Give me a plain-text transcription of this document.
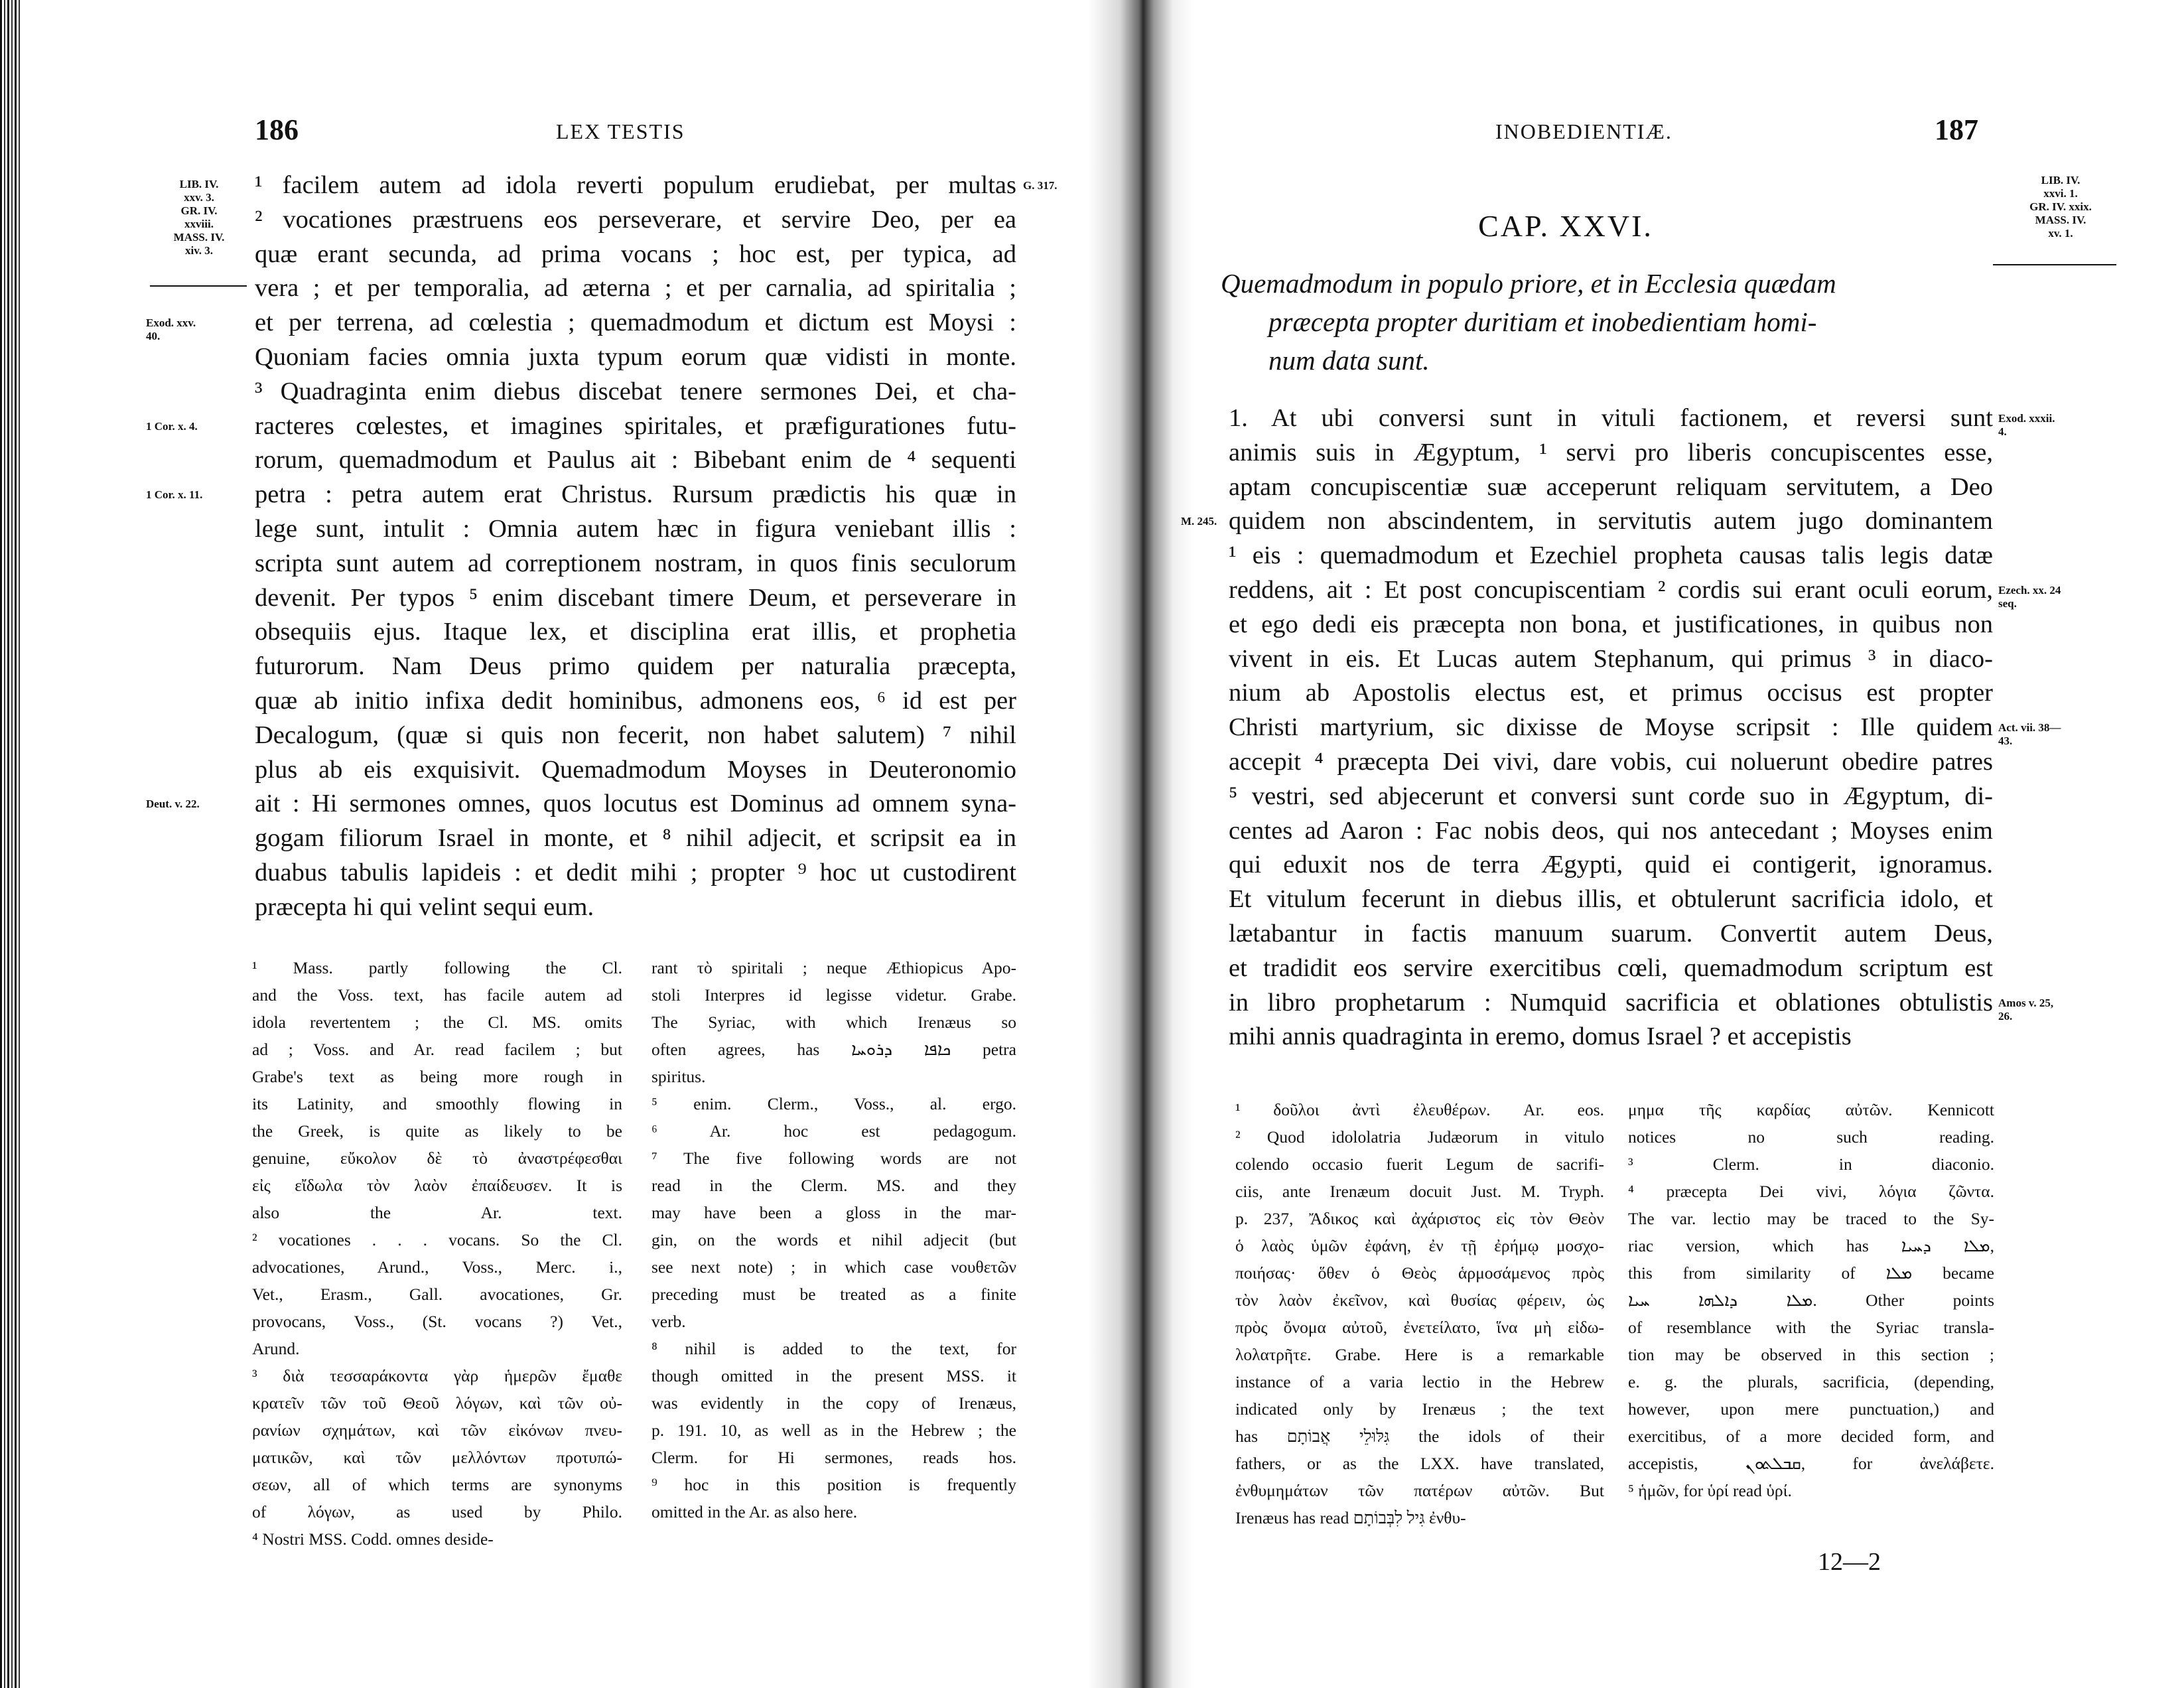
186	LEX TESTIS
LIB. IV.
xxv. 3.
GR. IV.
xxviii.
MASS. IV.
xiv. 3.
¹ facilem autem ad idola reverti populum erudiebat, per multas
² vocationes præstruens eos perseverare, et servire Deo, per ea
quæ erant secunda, ad prima vocans ; hoc est, per typica, ad
vera ; et per temporalia, ad æterna ; et per carnalia, ad spiritalia ;
et per terrena, ad cœlestia ; quemadmodum et dictum est Moysi :
Quoniam facies omnia juxta typum eorum quæ vidisti in monte.
³ Quadraginta enim diebus discebat tenere sermones Dei, et cha-
racteres cœlestes, et imagines spiritales, et præfigurationes futu-
rorum, quemadmodum et Paulus ait : Bibebant enim de ⁴ sequenti
petra : petra autem erat Christus. Rursum prædictis his quæ in
lege sunt, intulit : Omnia autem hæc in figura veniebant illis :
scripta sunt autem ad correptionem nostram, in quos finis seculorum
devenit. Per typos ⁵ enim discebant timere Deum, et perseverare in
obsequiis ejus. Itaque lex, et disciplina erat illis, et prophetia
futurorum. Nam Deus primo quidem per naturalia præcepta,
quæ ab initio infixa dedit hominibus, admonens eos, ⁶ id est per
Decalogum, (quæ si quis non fecerit, non habet salutem) ⁷ nihil
plus ab eis exquisivit. Quemadmodum Moyses in Deuteronomio
ait : Hi sermones omnes, quos locutus est Dominus ad omnem syna-
gogam filiorum Israel in monte, et ⁸ nihil adjecit, et scripsit ea in
duabus tabulis lapideis : et dedit mihi ; propter ⁹ hoc ut custodirent
præcepta hi qui velint sequi eum.
¹ Mass. partly following the Cl.
and the Voss. text, has facile autem ad
idola revertentem ; the Cl. MS. omits
ad ; Voss. and Ar. read facilem ; but
Grabe's text as being more rough in
its Latinity, and smoothly flowing in
the Greek, is quite as likely to be
genuine, εὔκολον δὲ τὸ ἀναστρέφεσθαι
εἰς εἴδωλα τὸν λαὸν ἐπαίδευσεν. It is
also the Ar. text.
² vocationes . . . vocans. So the Cl.
advocationes, Arund., Voss., Merc. i.,
Vet., Erasm., Gall. avocationes, Gr.
provocans, Voss., (St. vocans ?) Vet.,
Arund.
³ διὰ τεσσαράκοντα γὰρ ἡμερῶν ἔμαθε
κρατεῖν τῶν τοῦ Θεοῦ λόγων, καὶ τῶν οὐ-
ρανίων σχημάτων, καὶ τῶν εἰκόνων πνευ-
ματικῶν, καὶ τῶν μελλόντων προτυπώ-
σεων, all of which terms are synonyms
of λόγων, as used by Philo.
⁴ Nostri MSS. Codd. omnes deside-
rant τὸ spiritali ; neque Æthiopicus Apo-
stoli Interpres id legisse videtur. Grabe.
The Syriac, with which Irenæus so
often agrees, has ܟܐܦܐ ܕܪܘܚܐ petra
spiritus.
⁵ enim. Clerm., Voss., al. ergo.
⁶ Ar. hoc est pedagogum.
⁷ The five following words are not
read in the Clerm. MS. and they
may have been a gloss in the mar-
gin, on the words et nihil adjecit (but
see next note) ; in which case νουθετῶν
preceding must be treated as a finite
verb.
⁸ nihil is added to the text, for
though omitted in the present MSS. it
was evidently in the copy of Irenæus,
p. 191. 10, as well as in the Hebrew ; the
Clerm. for Hi sermones, reads hos.
⁹ hoc in this position is frequently
omitted in the Ar. as also here.
Exod. xxv.
40.
1 Cor. x. 4.
1 Cor. x. 11.
Deut. v. 22.
G. 317.
INOBEDIENTIÆ.	187
LIB. IV.
xxvi. 1.
GR. IV. xxix.
MASS. IV.
xv. 1.
CAP. XXVI.
Quemadmodum in populo priore, et in Ecclesia quædam
præcepta propter duritiam et inobedientiam homi-
num data sunt.
1. At ubi conversi sunt in vituli factionem, et reversi sunt
animis suis in Ægyptum, ¹ servi pro liberis concupiscentes esse,
aptam concupiscentiæ suæ acceperunt reliquam servitutem, a Deo
quidem non abscindentem, in servitutis autem jugo dominantem
¹ eis : quemadmodum et Ezechiel propheta causas talis legis datæ
reddens, ait : Et post concupiscentiam ² cordis sui erant oculi eorum,
et ego dedi eis præcepta non bona, et justificationes, in quibus non
vivent in eis. Et Lucas autem Stephanum, qui primus ³ in diaco-
nium ab Apostolis electus est, et primus occisus est propter
Christi martyrium, sic dixisse de Moyse scripsit : Ille quidem
accepit ⁴ præcepta Dei vivi, dare vobis, cui noluerunt obedire patres
⁵ vestri, sed abjecerunt et conversi sunt corde suo in Ægyptum, di-
centes ad Aaron : Fac nobis deos, qui nos antecedant ; Moyses enim
qui eduxit nos de terra Ægypti, quid ei contigerit, ignoramus.
Et vitulum fecerunt in diebus illis, et obtulerunt sacrificia idolo, et
lætabantur in factis manuum suarum. Convertit autem Deus,
et tradidit eos servire exercitibus cœli, quemadmodum scriptum est
in libro prophetarum : Numquid sacrificia et oblationes obtulistis
mihi annis quadraginta in eremo, domus Israel ? et accepistis
¹ δοῦλοι ἀντὶ ἐλευθέρων. Ar. eos.
² Quod idololatria Judæorum in vitulo
colendo occasio fuerit Legum de sacrifi-
ciis, ante Irenæum docuit Just. M. Tryph.
p. 237, Ἄδικος καὶ ἀχάριστος εἰς τὸν Θεὸν
ὁ λαὸς ὑμῶν ἐφάνη, ἐν τῇ ἐρήμῳ μοσχο-
ποιήσας· ὅθεν ὁ Θεὸς ἁρμοσάμενος πρὸς
τὸν λαὸν ἐκεῖνον, καὶ θυσίας φέρειν, ὡς
πρὸς ὄνομα αὐτοῦ, ἐνετείλατο, ἵνα μὴ εἰδω-
λολατρῆτε. Grabe. Here is a remarkable
instance of a varia lectio in the Hebrew
indicated only by Irenæus ; the text
has גִּלּוּלֵי אֲבוֹתָם the idols of their
fathers, or as the LXX. have translated,
ἐνθυμημάτων τῶν πατέρων αὐτῶν. But
Irenæus has read גִּיל לִבְּבוֹתָם ἐνθυ-
μημα τῆς καρδίας αὐτῶν. Kennicott
notices no such reading.
³ Clerm. in diaconio.
⁴ præcepta Dei vivi, λόγια ζῶντα.
The var. lectio may be traced to the Sy-
riac version, which has ܡܠܐ ܕܚܝܐ,
this from similarity of ܡܠܐ became
ܡܠܐ ܕܐܠܗܐ ܚܝܐ. Other points
of resemblance with the Syriac transla-
tion may be observed in this section ;
e. g. the plurals, sacrificia, (depending,
however, upon mere punctuation,) and
exercitibus, of a more decided form, and
accepistis, ܩܒܠܬܘܢ, for ἀνελάβετε.
⁵ ἡμῶν, for ὑρί read ὑρί.
12—2
Exod. xxxii.
4.
M. 245.
Ezech. xx. 24
seq.
Act. vii. 38—
43.
Amos v. 25,
26.
